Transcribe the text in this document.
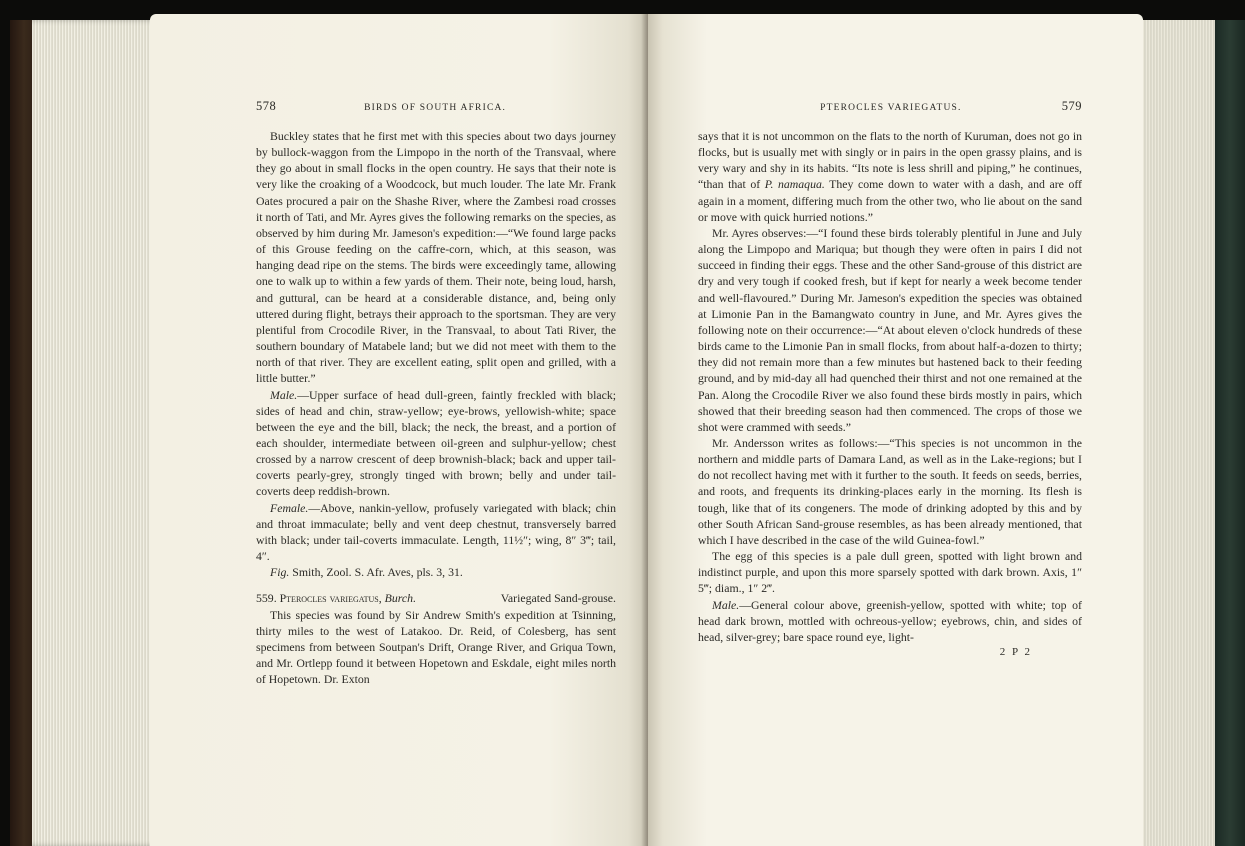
578	BIRDS OF SOUTH AFRICA.

Buckley states that he first met with this species about two days journey by bullock-waggon from the Limpopo in the north of the Transvaal, where they go about in small flocks in the open country. He says that their note is very like the croaking of a Woodcock, but much louder. The late Mr. Frank Oates procured a pair on the Shashe River, where the Zambesi road crosses it north of Tati, and Mr. Ayres gives the following remarks on the species, as observed by him during Mr. Jameson's expedition:—“We found large packs of this Grouse feeding on the caffre-corn, which, at this season, was hanging dead ripe on the stems. The birds were exceedingly tame, allowing one to walk up to within a few yards of them. Their note, being loud, harsh, and guttural, can be heard at a considerable distance, and, being only uttered during flight, betrays their approach to the sportsman. They are very plentiful from Crocodile River, in the Transvaal, to about Tati River, the southern boundary of Matabele land; but we did not meet with them to the north of that river. They are excellent eating, split open and grilled, with a little butter.”

Male.—Upper surface of head dull-green, faintly freckled with black; sides of head and chin, straw-yellow; eye-brows, yellowish-white; space between the eye and the bill, black; the neck, the breast, and a portion of each shoulder, intermediate between oil-green and sulphur-yellow; chest crossed by a narrow crescent of deep brownish-black; back and upper tail-coverts pearly-grey, strongly tinged with brown; belly and under tail-coverts deep reddish-brown.

Female.—Above, nankin-yellow, profusely variegated with black; chin and throat immaculate; belly and vent deep chestnut, transversely barred with black; under tail-coverts immaculate. Length, 11½″; wing, 8″ 3‴; tail, 4″.

Fig. Smith, Zool. S. Afr. Aves, pls. 3, 31.

559. Pterocles variegatus, Burch.	Variegated Sand-grouse.

This species was found by Sir Andrew Smith's expedition at Tsinning, thirty miles to the west of Latakoo. Dr. Reid, of Colesberg, has sent specimens from between Soutpan's Drift, Orange River, and Griqua Town, and Mr. Ortlepp found it between Hopetown and Eskdale, eight miles north of Hopetown. Dr. Exton

PTEROCLES VARIEGATUS.	579

says that it is not uncommon on the flats to the north of Kuruman, does not go in flocks, but is usually met with singly or in pairs in the open grassy plains, and is very wary and shy in its habits. “Its note is less shrill and piping,” he continues, “than that of P. namaqua. They come down to water with a dash, and are off again in a moment, differing much from the other two, who lie about on the sand or move with quick hurried notions.”

Mr. Ayres observes:—“I found these birds tolerably plentiful in June and July along the Limpopo and Mariqua; but though they were often in pairs I did not succeed in finding their eggs. These and the other Sand-grouse of this district are dry and very tough if cooked fresh, but if kept for nearly a week become tender and well-flavoured.” During Mr. Jameson's expedition the species was obtained at Limonie Pan in the Bamangwato country in June, and Mr. Ayres gives the following note on their occurrence:—“At about eleven o'clock hundreds of these birds came to the Limonie Pan in small flocks, from about half-a-dozen to thirty; they did not remain more than a few minutes but hastened back to their feeding ground, and by mid-day all had quenched their thirst and not one remained at the Pan. Along the Crocodile River we also found these birds mostly in pairs, which showed that their breeding season had then commenced. The crops of those we shot were crammed with seeds.”

Mr. Andersson writes as follows:—“This species is not uncommon in the northern and middle parts of Damara Land, as well as in the Lake-regions; but I do not recollect having met with it further to the south. It feeds on seeds, berries, and roots, and frequents its drinking-places early in the morning. Its flesh is tough, like that of its congeners. The mode of drinking adopted by this and by other South African Sand-grouse resembles, as has been already mentioned, that which I have described in the case of the wild Guinea-fowl.”

The egg of this species is a pale dull green, spotted with light brown and indistinct purple, and upon this more sparsely spotted with dark brown. Axis, 1″ 5‴; diam., 1″ 2‴.

Male.—General colour above, greenish-yellow, spotted with white; top of head dark brown, mottled with ochreous-yellow; eyebrows, chin, and sides of head, silver-grey; bare space round eye, light-

2 P 2
